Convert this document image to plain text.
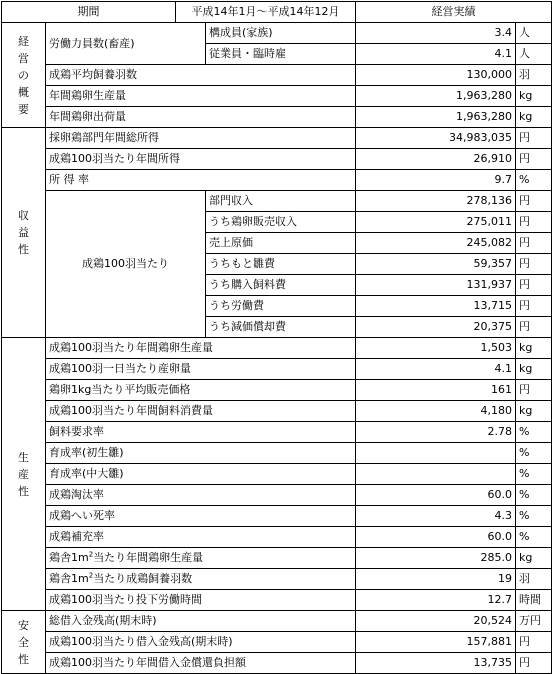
期間		平成14年1月〜平成14年12月		経営実績	
経営の概要	労働力員数(畜産)		構成員(家族)	3.4	人
			従業員・臨時雇	4.1	人
	成鶏平均飼養羽数			130,000	羽
	年間鶏卵生産量			1,963,280	kg
	年間鶏卵出荷量			1,963,280	kg
収益性	採卵鶏部門年間総所得			34,983,035	円
	成鶏100羽当たり年間所得			26,910	円
	所 得 率			9.7	%
	成鶏100羽当たり		部門収入	278,136	円
			うち鶏卵販売収入	275,011	円
			売上原価	245,082	円
			うちもと雛費	59,357	円
			うち購入飼料費	131,937	円
			うち労働費	13,715	円
			うち減価償却費	20,375	円
生産性	成鶏100羽当たり年間鶏卵生産量			1,503	kg
	成鶏100羽一日当たり産卵量			4.1	kg
	鶏卵1kg当たり平均販売価格			161	円
	成鶏100羽当たり年間飼料消費量			4,180	kg
	飼料要求率			2.78	%
	育成率(初生雛)				%
	育成率(中大雛)				%
	成鶏淘汰率			60.0	%
	成鶏へい死率			4.3	%
	成鶏補充率			60.0	%
	鶏舎$1m^2$当たり年間鶏卵生産量			285.0	kg
	鶏舎$1m^2$当たり成鶏飼養羽数			19	羽
	成鶏100羽当たり投下労働時間			12.7	時間
安全性	総借入金残高(期末時)			20,524	万円
	成鶏100羽当たり借入金残高(期末時)			157,881	円
	成鶏100羽当たり年間借入金償還負担額			13,735	円
